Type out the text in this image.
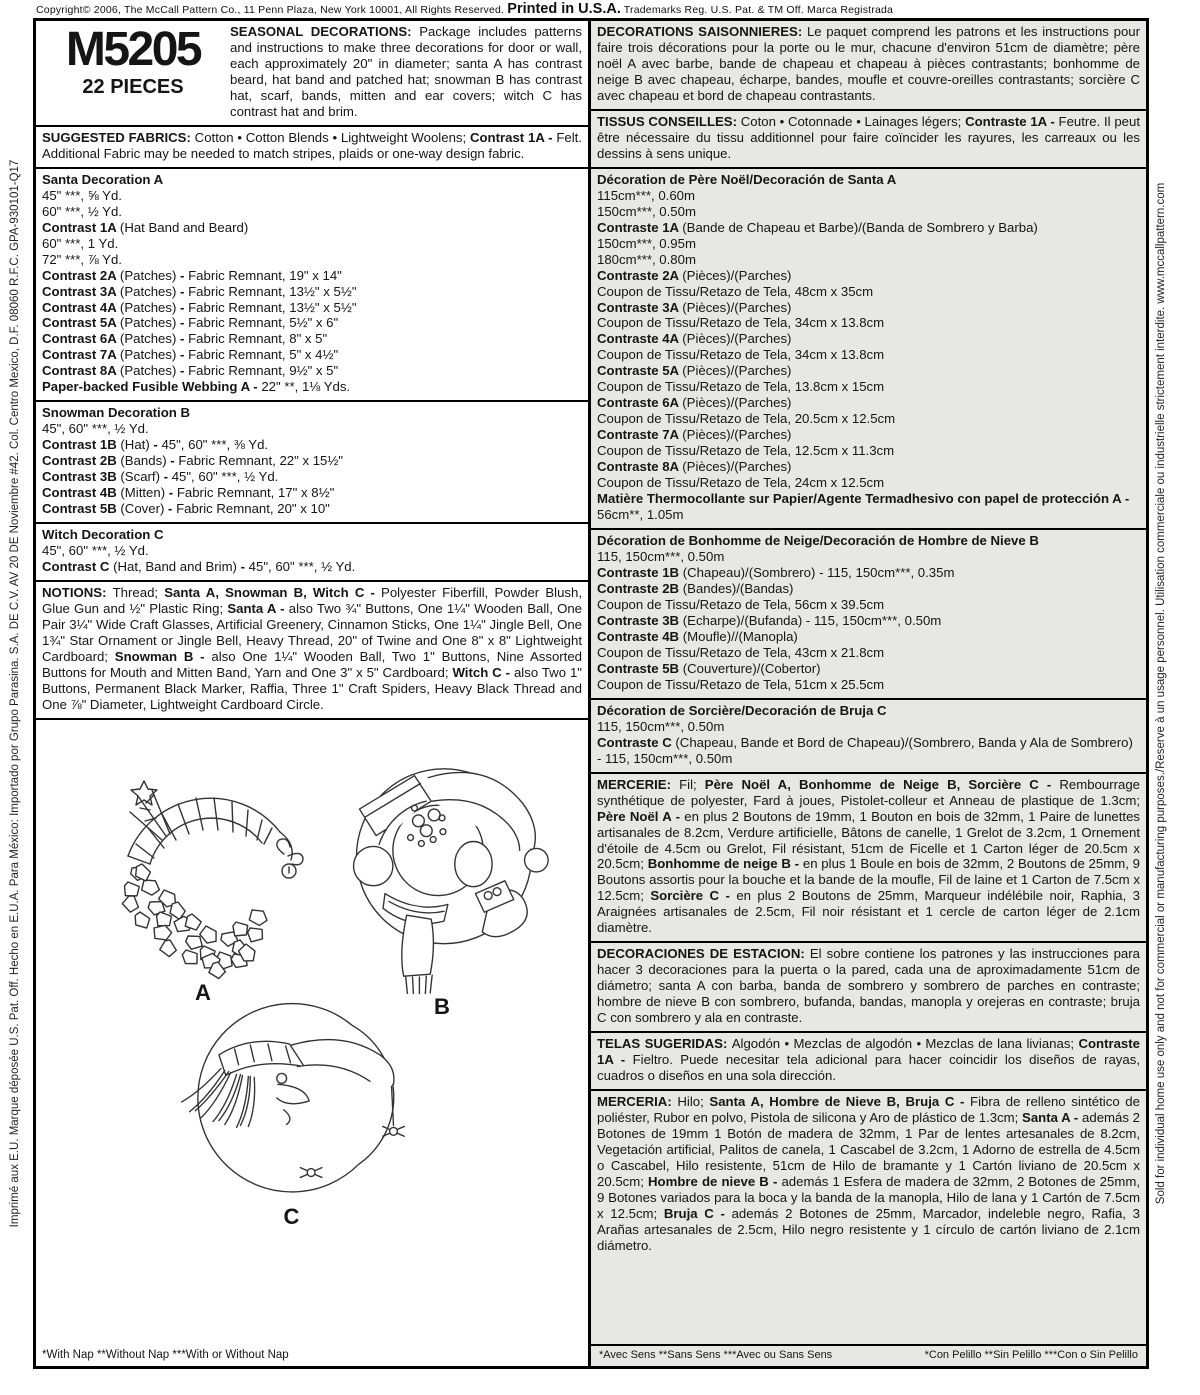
Copyright© 2006, The McCall Pattern Co., 11 Penn Plaza, New York 10001, All Rights Reserved. Printed in U.S.A. Trademarks Reg. U.S. Pat. & TM Off. Marca Registrada
Imprimé aux E.U. Marque déposée U.S. Pat. Off. Hecho en E.U.A. Para México: Importado por Grupo Parasina. S.A. DE C.V. AV 20 DE Noviembre #42. Col. Centro Mexico, D.F. 08060 R.F.C. GPA-930101-Q17	Sold for individual home use only and not for commercial or manufacturing purposes./Reserve à un usage personnel. Utilisation commerciale ou industrielle strictement interdite. www.mccallpattern.com
M5205
22 PIECES
SEASONAL DECORATIONS: Package includes patterns and instructions to make three decorations for door or wall, each approximately 20" in diameter; santa A has contrast beard, hat band and patched hat; snowman B has contrast hat, scarf, bands, mitten and ear covers; witch C has contrast hat and brim.
SUGGESTED FABRICS: Cotton • Cotton Blends • Lightweight Woolens; Contrast 1A - Felt. Additional Fabric may be needed to match stripes, plaids or one-way design fabric.
Santa Decoration A
45" ***, ⅝ Yd.
60" ***, ½ Yd.
Contrast 1A (Hat Band and Beard)
60" ***, 1 Yd.
72" ***, ⅞ Yd.
Contrast 2A (Patches) - Fabric Remnant, 19" x 14"
Contrast 3A (Patches) - Fabric Remnant, 13½" x 5½"
Contrast 4A (Patches) - Fabric Remnant, 13½" x 5½"
Contrast 5A (Patches) - Fabric Remnant, 5½" x 6"
Contrast 6A (Patches) - Fabric Remnant, 8" x 5"
Contrast 7A (Patches) - Fabric Remnant, 5" x 4½"
Contrast 8A (Patches) - Fabric Remnant, 9½" x 5"
Paper-backed Fusible Webbing A - 22" **, 1⅛ Yds.
Snowman Decoration B
45", 60" ***, ½ Yd.
Contrast 1B (Hat) - 45", 60" ***, ⅜ Yd.
Contrast 2B (Bands) - Fabric Remnant, 22" x 15½"
Contrast 3B (Scarf) - 45", 60" ***, ½ Yd.
Contrast 4B (Mitten) - Fabric Remnant, 17" x 8½"
Contrast 5B (Cover) - Fabric Remnant, 20" x 10"
Witch Decoration C
45", 60" ***, ½ Yd.
Contrast C (Hat, Band and Brim) - 45", 60" ***, ½ Yd.
NOTIONS: Thread; Santa A, Snowman B, Witch C - Polyester Fiberfill, Powder Blush, Glue Gun and ½" Plastic Ring; Santa A - also Two ¾" Buttons, One 1¼" Wooden Ball, One Pair 3¼" Wide Craft Glasses, Artificial Greenery, Cinnamon Sticks, One 1¼" Jingle Bell, One 1¾" Star Ornament or Jingle Bell, Heavy Thread, 20" of Twine and One 8" x 8" Lightweight Cardboard; Snowman B - also One 1¼" Wooden Ball, Two 1" Buttons, Nine Assorted Buttons for Mouth and Mitten Band, Yarn and One 3" x 5" Cardboard; Witch C - also Two 1" Buttons, Permanent Black Marker, Raffia, Three 1" Craft Spiders, Heavy Black Thread and One ⅞" Diameter, Lightweight Cardboard Circle.
A
B
C
*With Nap **Without Nap ***With or Without Nap
DECORATIONS SAISONNIERES: Le paquet comprend les patrons et les instructions pour faire trois décorations pour la porte ou le mur, chacune d'environ 51cm de diamètre; père noël A avec barbe, bande de chapeau et chapeau à pièces contrastants; bonhomme de neige B avec chapeau, écharpe, bandes, moufle et couvre-oreilles contrastants; sorcière C avec chapeau et bord de chapeau contrastants.
TISSUS CONSEILLES: Coton • Cotonnade • Lainages légers; Contraste 1A - Feutre. Il peut être nécessaire du tissu additionnel pour faire coïncider les rayures, les carreaux ou les dessins à sens unique.
Décoration de Père Noël/Decoración de Santa A
115cm***, 0.60m
150cm***, 0.50m
Contraste 1A (Bande de Chapeau et Barbe)/(Banda de Sombrero y Barba)
150cm***, 0.95m
180cm***, 0.80m
Contraste 2A (Pièces)/(Parches)
Coupon de Tissu/Retazo de Tela, 48cm x 35cm
Contraste 3A (Pièces)/(Parches)
Coupon de Tissu/Retazo de Tela, 34cm x 13.8cm
Contraste 4A (Pièces)/(Parches)
Coupon de Tissu/Retazo de Tela, 34cm x 13.8cm
Contraste 5A (Pièces)/(Parches)
Coupon de Tissu/Retazo de Tela, 13.8cm x 15cm
Contraste 6A (Pièces)/(Parches)
Coupon de Tissu/Retazo de Tela, 20.5cm x 12.5cm
Contraste 7A (Pièces)/(Parches)
Coupon de Tissu/Retazo de Tela, 12.5cm x 11.3cm
Contraste 8A (Pièces)/(Parches)
Coupon de Tissu/Retazo de Tela, 24cm x 12.5cm
Matière Thermocollante sur Papier/Agente Termadhesivo con papel de protección A - 56cm**, 1.05m
Décoration de Bonhomme de Neige/Decoración de Hombre de Nieve B
115, 150cm***, 0.50m
Contraste 1B (Chapeau)/(Sombrero) - 115, 150cm***, 0.35m
Contraste 2B (Bandes)/(Bandas)
Coupon de Tissu/Retazo de Tela, 56cm x 39.5cm
Contraste 3B (Echarpe)/(Bufanda) - 115, 150cm***, 0.50m
Contraste 4B (Moufle)//(Manopla)
Coupon de Tissu/Retazo de Tela, 43cm x 21.8cm
Contraste 5B (Couverture)/(Cobertor)
Coupon de Tissu/Retazo de Tela, 51cm x 25.5cm
Décoration de Sorcière/Decoración de Bruja C
115, 150cm***, 0.50m
Contraste C (Chapeau, Bande et Bord de Chapeau)/(Sombrero, Banda y Ala de Sombrero) - 115, 150cm***, 0.50m
MERCERIE: Fil; Père Noël A, Bonhomme de Neige B, Sorcière C - Rembourrage synthétique de polyester, Fard à joues, Pistolet-colleur et Anneau de plastique de 1.3cm; Père Noël A - en plus 2 Boutons de 19mm, 1 Bouton en bois de 32mm, 1 Paire de lunettes artisanales de 8.2cm, Verdure artificielle, Bâtons de canelle, 1 Grelot de 3.2cm, 1 Ornement d'étoile de 4.5cm ou Grelot, Fil résistant, 51cm de Ficelle et 1 Carton léger de 20.5cm x 20.5cm; Bonhomme de neige B - en plus 1 Boule en bois de 32mm, 2 Boutons de 25mm, 9 Boutons assortis pour la bouche et la bande de la moufle, Fil de laine et 1 Carton de 7.5cm x 12.5cm; Sorcière C - en plus 2 Boutons de 25mm, Marqueur indélébile noir, Raphia, 3 Araignées artisanales de 2.5cm, Fil noir résistant et 1 cercle de carton léger de 2.1cm diamètre.
DECORACIONES DE ESTACION: El sobre contiene los patrones y las instrucciones para hacer 3 decoraciones para la puerta o la pared, cada una de aproximadamente 51cm de diámetro; santa A con barba, banda de sombrero y sombrero de parches en contraste; hombre de nieve B con sombrero, bufanda, bandas, manopla y orejeras en contraste; bruja C con sombrero y ala en contraste.
TELAS SUGERIDAS: Algodón • Mezclas de algodón • Mezclas de lana livianas; Contraste 1A - Fieltro. Puede necesitar tela adicional para hacer coincidir los diseños de rayas, cuadros o diseños en una sola dirección.
MERCERIA: Hilo; Santa A, Hombre de Nieve B, Bruja C - Fibra de relleno sintético de poliéster, Rubor en polvo, Pistola de silicona y Aro de plástico de 1.3cm; Santa A - además 2 Botones de 19mm 1 Botón de madera de 32mm, 1 Par de lentes artesanales de 8.2cm, Vegetación artificial, Palitos de canela, 1 Cascabel de 3.2cm, 1 Adorno de estrella de 4.5cm o Cascabel, Hilo resistente, 51cm de Hilo de bramante y 1 Cartón liviano de 20.5cm x 20.5cm; Hombre de nieve B - además 1 Esfera de madera de 32mm, 2 Botones de 25mm, 9 Botones variados para la boca y la banda de la manopla, Hilo de lana y 1 Cartón de 7.5cm x 12.5cm; Bruja C - además 2 Botones de 25mm, Marcador, indeleble negro, Rafia, 3 Arañas artesanales de 2.5cm, Hilo negro resistente y 1 círculo de cartón liviano de 2.1cm diámetro.
*Avec Sens **Sans Sens ***Avec ou Sans Sens	*Con Pelillo **Sin Pelillo ***Con o Sin Pelillo
